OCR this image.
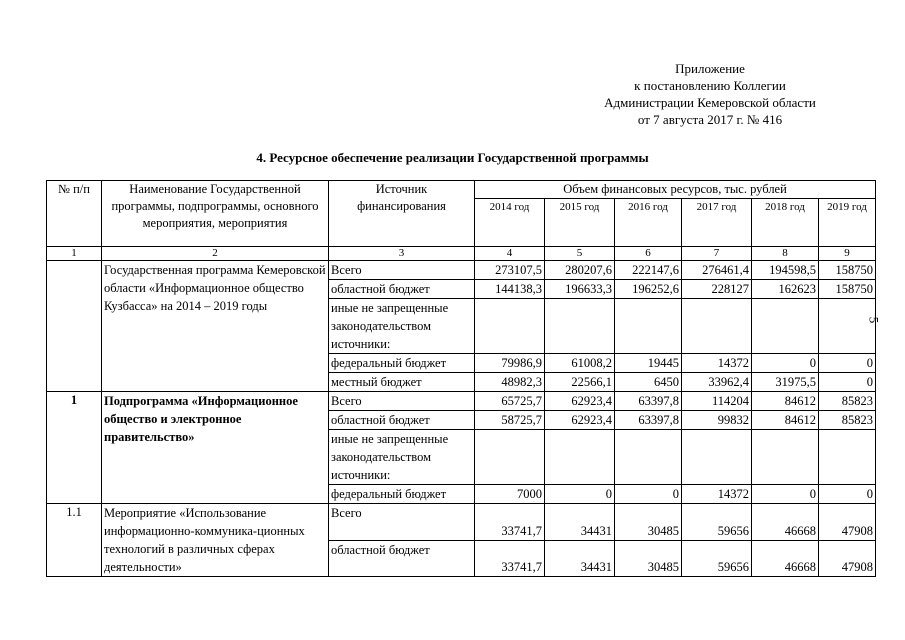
Приложение
к постановлению Коллегии
Администрации Кемеровской области
от 7 августа 2017 г. № 416
4. Ресурсное обеспечение реализации Государственной программы
5
№ п/п	Наименование Государственной программы, подпрограммы, основного мероприятия, мероприятия	Источник финансирования	Объем финансовых ресурсов, тыс. рублей					
			2014 год	2015 год	2016 год	2017 год	2018 год	2019 год
1	2	3	4	5	6	7	8	9
	Государственная программа Кемеровской области «Информационное общество Кузбасса» на 2014 – 2019 годы	Всего	273107,5	280207,6	222147,6	276461,4	194598,5	158750
		областной бюджет	144138,3	196633,3	196252,6	228127	162623	158750
		иные не запрещенные законодательством источники:						
		федеральный бюджет	79986,9	61008,2	19445	14372	0	0
		местный бюджет	48982,3	22566,1	6450	33962,4	31975,5	0
1	Подпрограмма «Информационное общество и электронное правительство»	Всего	65725,7	62923,4	63397,8	114204	84612	85823
		областной бюджет	58725,7	62923,4	63397,8	99832	84612	85823
		иные не запрещенные законодательством источники:						
		федеральный бюджет	7000	0	0	14372	0	0
1.1	Мероприятие «Использование информационно-коммуника-ционных технологий в различных сферах деятельности»	Всего	33741,7	34431	30485	59656	46668	47908
		областной бюджет	33741,7	34431	30485	59656	46668	47908
